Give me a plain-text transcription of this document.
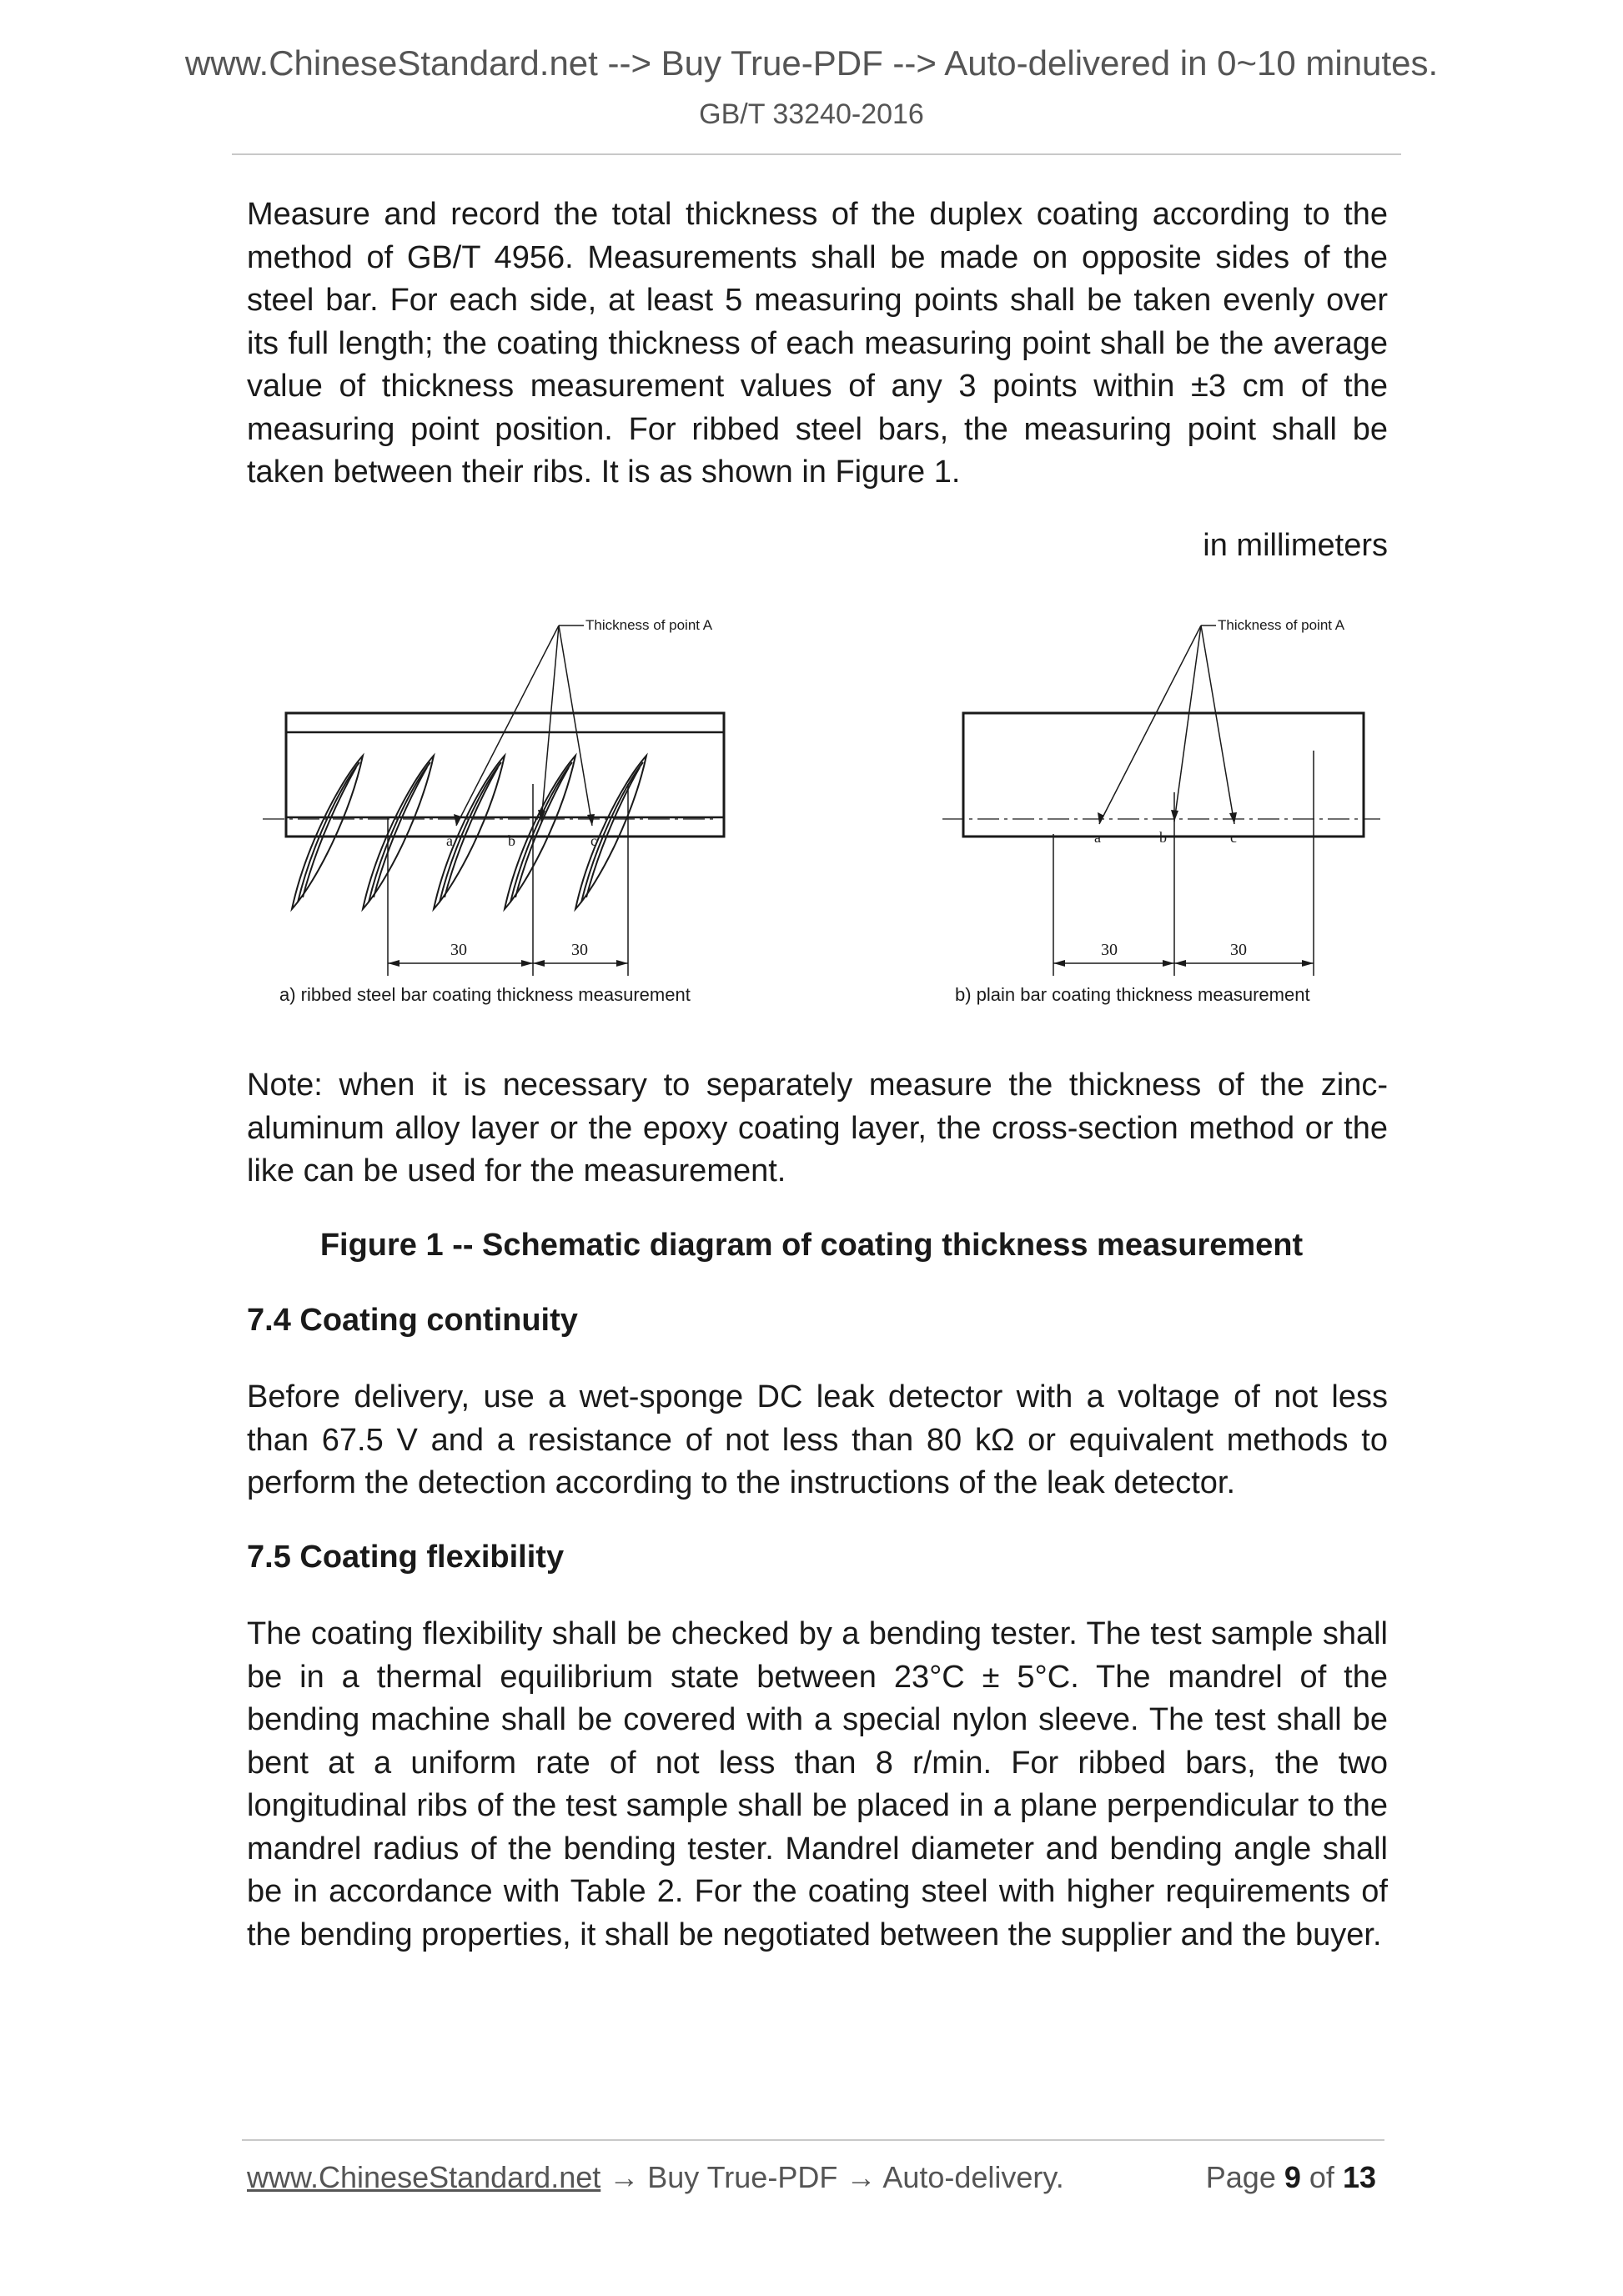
www.ChineseStandard.net --> Buy True-PDF --> Auto-delivered in 0~10 minutes.
GB/T 33240-2016
Measure and record the total thickness of the duplex coating according to the method of GB/T 4956. Measurements shall be made on opposite sides of the steel bar. For each side, at least 5 measuring points shall be taken evenly over its full length; the coating thickness of each measuring point shall be the average value of thickness measurement values of any 3 points within ±3 cm of the measuring point position. For ribbed steel bars, the measuring point shall be taken between their ribs. It is as shown in Figure 1.
in millimeters
Thickness of point A
a	b	c
30	30
a) ribbed steel bar coating thickness measurement
Thickness of point A
a	b	c
30	30
b) plain bar coating thickness measurement
Note: when it is necessary to separately measure the thickness of the zinc-aluminum alloy layer or the epoxy coating layer, the cross-section method or the like can be used for the measurement.
Figure 1 -- Schematic diagram of coating thickness measurement
7.4 Coating continuity
Before delivery, use a wet-sponge DC leak detector with a voltage of not less than 67.5 V and a resistance of not less than 80 kΩ or equivalent methods to perform the detection according to the instructions of the leak detector.
7.5 Coating flexibility
The coating flexibility shall be checked by a bending tester. The test sample shall be in a thermal equilibrium state between 23°C ± 5°C. The mandrel of the bending machine shall be covered with a special nylon sleeve. The test shall be bent at a uniform rate of not less than 8 r/min. For ribbed bars, the two longitudinal ribs of the test sample shall be placed in a plane perpendicular to the mandrel radius of the bending tester. Mandrel diameter and bending angle shall be in accordance with Table 2. For the coating steel with higher requirements of the bending properties, it shall be negotiated between the supplier and the buyer.
www.ChineseStandard.net → Buy True-PDF → Auto-delivery.	Page 9 of 13
